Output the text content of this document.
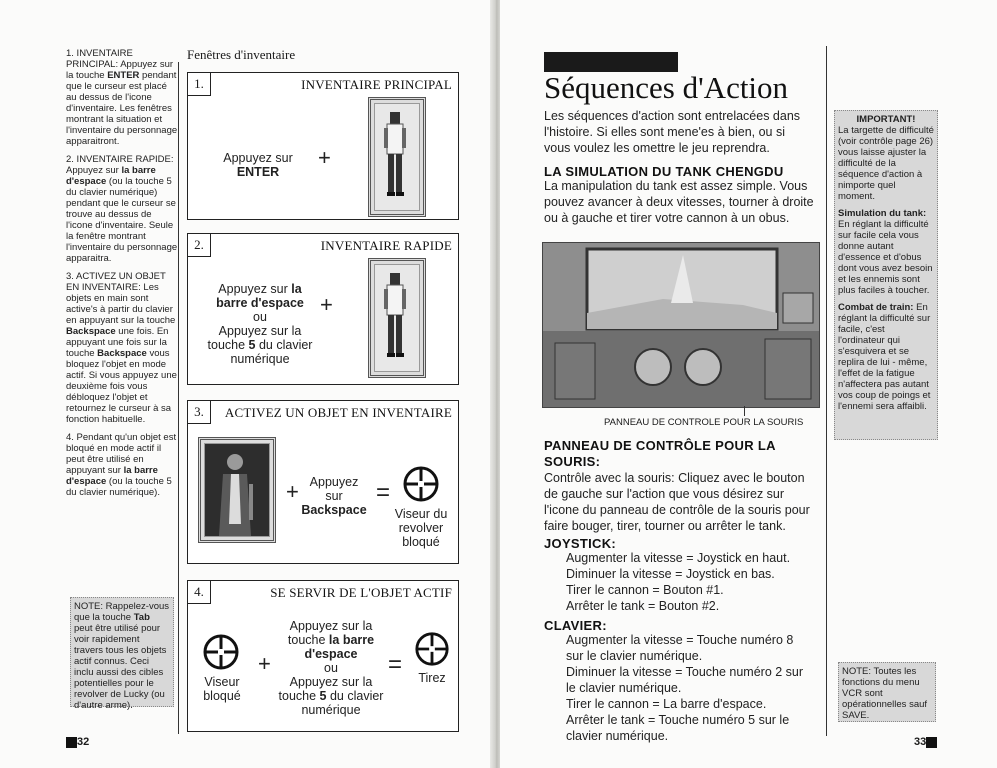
1. INVENTAIRE PRINCIPAL: Appuyez sur la touche ENTER pendant que le curseur est placé au dessus de l'icone d'inventaire. Les fenêtres montrant la situation et l'inventaire du personnage apparaitront.

2. INVENTAIRE RAPIDE: Appuyez sur la barre d'espace (ou la touche 5 du clavier numérique) pendant que le curseur se trouve au dessus de l'icone d'inventaire. Seule la fenêtre montrant l'inventaire du personnage apparaitra.

3. ACTIVEZ UN OBJET EN INVENTAIRE: Les objets en main sont active's à partir du clavier en appuyant sur la touche Backspace une fois. En appuyant une fois sur la touche Backspace vous bloquez l'objet en mode actif. Si vous appuyez une deuxième fois vous débloquez l'objet et retournez le curseur à sa fonction habituelle.

4. Pendant qu'un objet est bloqué en mode actif il peut être utilisé en appuyant sur la barre d'espace (ou la touche 5 du clavier numérique).

NOTE: Rappelez-vous que la touche Tab peut être utilisé pour voir rapidement travers tous les objets actif connus. Ceci inclu aussi des cibles potentielles pour le revolver de Lucky (ou d'autre arme).
Fenêtres d'inventaire
1.	INVENTAIRE PRINCIPAL
Appuyez sur
ENTER
+
2.	INVENTAIRE RAPIDE
Appuyez sur la
barre d'espace
ou
Appuyez sur la
touche 5 du clavier
numérique
+
3.	ACTIVEZ UN OBJET EN INVENTAIRE
+ Appuyez
sur
Backspace
=
Viseur du
revolver
bloqué
4.	SE SERVIR DE L'OBJET ACTIF
Viseur
bloqué
+
Appuyez sur la
touche la barre
d'espace
ou
Appuyez sur la
touche 5 du clavier
numérique
=	Tirez
32
Séquences d'Action
Les séquences d'action sont entrelacées dans
l'histoire. Si elles sont mene'es à bien, ou si
vous voulez les omettre le jeu reprendra.
LA SIMULATION DU TANK CHENGDU
La manipulation du tank est assez simple. Vous
pouvez avancer à deux vitesses, tourner à droite
ou à gauche et tirer votre cannon à un obus.
PANNEAU DE CONTROLE POUR LA SOURIS
PANNEAU DE CONTRÔLE POUR LA
SOURIS:
Contrôle avec la souris: Cliquez avec le bouton
de gauche sur l'action que vous désirez sur
l'icone du panneau de contrôle de la souris pour
faire bouger, tirer, tourner ou arrêter le tank.
JOYSTICK:
Augmenter la vitesse = Joystick en haut.
Diminuer la vitesse = Joystick en bas.
Tirer le cannon = Bouton #1.
Arrêter le tank = Bouton #2.
CLAVIER:
Augmenter la vitesse = Touche numéro 8
sur le clavier numérique.
Diminuer la vitesse = Touche numéro 2 sur
le clavier numérique.
Tirer le cannon = La barre d'espace.
Arrêter le tank = Touche numéro 5 sur le
clavier numérique.
IMPORTANT!
La targette de difficulté (voir contrôle page 26) vous laisse ajuster la difficulté de la séquence d'action à nimporte quel moment.
Simulation du tank: En réglant la difficulté sur facile cela vous donne autant d'essence et d'obus dont vous avez besoin et les ennemis sont plus faciles à toucher.
Combat de train: En réglant la difficulté sur facile, c'est l'ordinateur qui s'esquivera et se replira de lui - même, l'effet de la fatigue n'affectera pas autant vos coup de poings et l'ennemi sera affaibli.
NOTE: Toutes les fonctions du menu VCR sont opérationnelles sauf SAVE.
33
